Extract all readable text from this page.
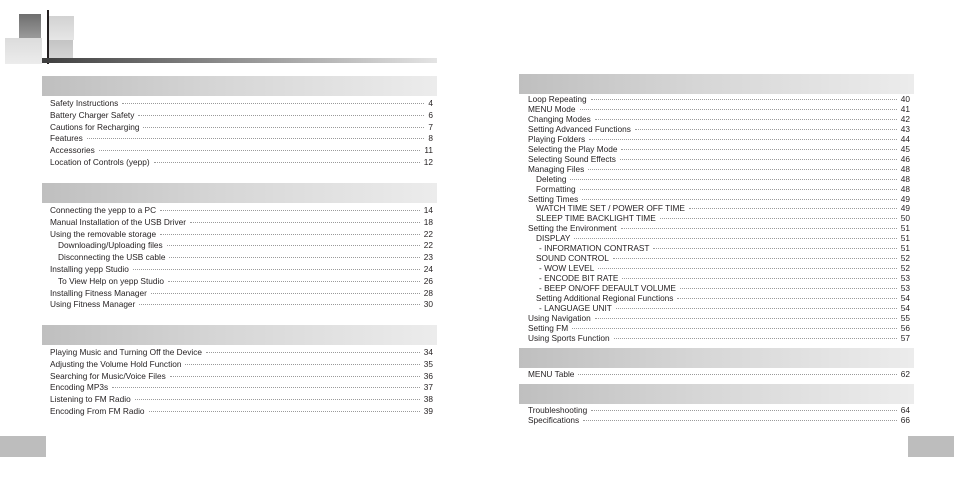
Safety Instructions	4
Battery Charger Safety	6
Cautions for Recharging	7
Features	8
Accessories	11
Location of Controls (yepp)	12
Connecting the yepp to a PC	14
Manual Installation of the USB Driver	18
Using the removable storage	22
Downloading/Uploading files	22
Disconnecting the USB cable	23
Installing yepp Studio	24
To View Help on yepp Studio	26
Installing Fitness Manager	28
Using Fitness Manager	30
Playing Music and Turning Off the Device	34
Adjusting the Volume Hold Function	35
Searching for Music/Voice Files	36
Encoding MP3s	37
Listening to FM Radio	38
Encoding From FM Radio	39
Loop Repeating	40
MENU Mode	41
Changing Modes	42
Setting Advanced Functions	43
Playing Folders	44
Selecting the Play Mode	45
Selecting Sound Effects	46
Managing Files	48
Deleting	48
Formatting	48
Setting Times	49
WATCH TIME SET / POWER OFF TIME	49
SLEEP TIME BACKLIGHT TIME	50
Setting the Environment	51
DISPLAY	51
- INFORMATION CONTRAST	51
SOUND CONTROL	52
- WOW LEVEL	52
- ENCODE BIT RATE	53
- BEEP ON/OFF DEFAULT VOLUME	53
Setting Additional Regional Functions	54
- LANGUAGE UNIT	54
Using Navigation	55
Setting FM	56
Using Sports Function	57
MENU Table	62
Troubleshooting	64
Specifications	66
